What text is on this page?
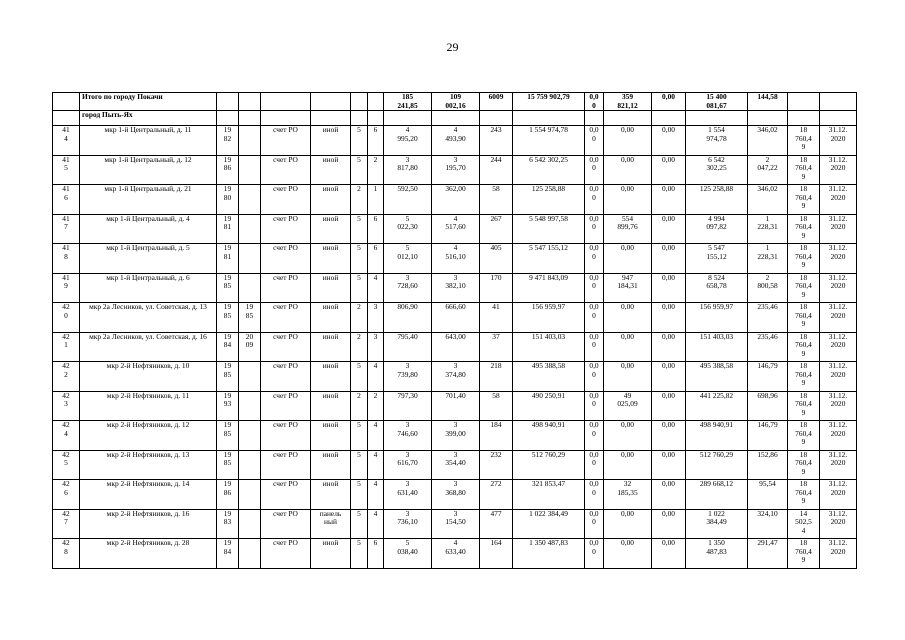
29
	Итого по городу Покачи							185
241,85	109
002,16	6009	15 759 902,79	0,0
0	359
821,12	0,00	15 400
081,67	144,58		
	город Пыть-Ях																	

41
4	мкр 1-й Центральный, д. 11	19
82		счет РО	иной	5	6	4
995,20	4
493,90	243	1 554 974,78	0,0
0	0,00	0,00	1 554
974,78	346,02	18
760,4
9	31.12.
2020

41
5	мкр 1-й Центральный, д. 12	19
86		счет РО	иной	5	2	3
817,80	3
195,70	244	6 542 302,25	0,0
0	0,00	0,00	6 542
302,25	2
047,22	18
760,4
9	31.12.
2020

41
6	мкр 1-й Центральный, д. 21	19
80		счет РО	иной	2	1	592,50	362,00	58	125 258,88	0,0
0	0,00	0,00	125 258,88	346,02	18
760,4
9	31.12.
2020

41
7	мкр 1-й Центральный, д. 4	19
81		счет РО	иной	5	6	5
022,30	4
517,60	267	5 548 997,58	0,0
0	554
899,76	0,00	4 994
097,82	1
228,31	18
760,4
9	31.12.
2020

41
8	мкр 1-й Центральный, д. 5	19
81		счет РО	иной	5	6	5
012,10	4
516,10	405	5 547 155,12	0,0
0	0,00	0,00	5 547
155,12	1
228,31	18
760,4
9	31.12.
2020

41
9	мкр 1-й Центральный, д. 6	19
85		счет РО	иной	5	4	3
728,60	3
382,10	170	9 471 843,09	0,0
0	947
184,31	0,00	8 524
658,78	2
800,58	18
760,4
9	31.12.
2020

42
0	мкр 2а Лесников, ул. Советская, д. 13	19
85	19
85	счет РО	иной	2	3	806,90	666,60	41	156 959,97	0,0
0	0,00	0,00	156 959,97	235,46	18
760,4
9	31.12.
2020

42
1	мкр 2а Лесников, ул. Советская, д. 16	19
84	20
09	счет РО	иной	2	3	795,40	643,00	37	151 403,03	0,0
0	0,00	0,00	151 403,03	235,46	18
760,4
9	31.12.
2020

42
2	мкр 2-й Нефтяников, д. 10	19
85		счет РО	иной	5	4	3
739,80	3
374,80	218	495 388,58	0,0
0	0,00	0,00	495 388,58	146,79	18
760,4
9	31.12.
2020

42
3	мкр 2-й Нефтяников, д. 11	19
93		счет РО	иной	2	2	797,30	701,40	58	490 250,91	0,0
0	49
025,09	0,00	441 225,82	698,96	18
760,4
9	31.12.
2020

42
4	мкр 2-й Нефтяников, д. 12	19
85		счет РО	иной	5	4	3
746,60	3
399,00	184	498 940,91	0,0
0	0,00	0,00	498 940,91	146,79	18
760,4
9	31.12.
2020

42
5	мкр 2-й Нефтяников, д. 13	19
85		счет РО	иной	5	4	3
616,70	3
354,40	232	512 760,29	0,0
0	0,00	0,00	512 760,29	152,86	18
760,4
9	31.12.
2020

42
6	мкр 2-й Нефтяников, д. 14	19
86		счет РО	иной	5	4	3
631,40	3
368,80	272	321 853,47	0,0
0	32
185,35	0,00	289 668,12	95,54	18
760,4
9	31.12.
2020

42
7	мкр 2-й Нефтяников, д. 16	19
83		счет РО	панель
ный	5	4	3
736,10	3
154,50	477	1 022 384,49	0,0
0	0,00	0,00	1 022
384,49	324,10	14
502,5
4	31.12.
2020

42
8	мкр 2-й Нефтяников, д. 28	19
84		счет РО	иной	5	6	5
038,40	4
633,40	164	1 350 487,83	0,0
0	0,00	0,00	1 350
487,83	291,47	18
760,4
9	31.12.
2020
